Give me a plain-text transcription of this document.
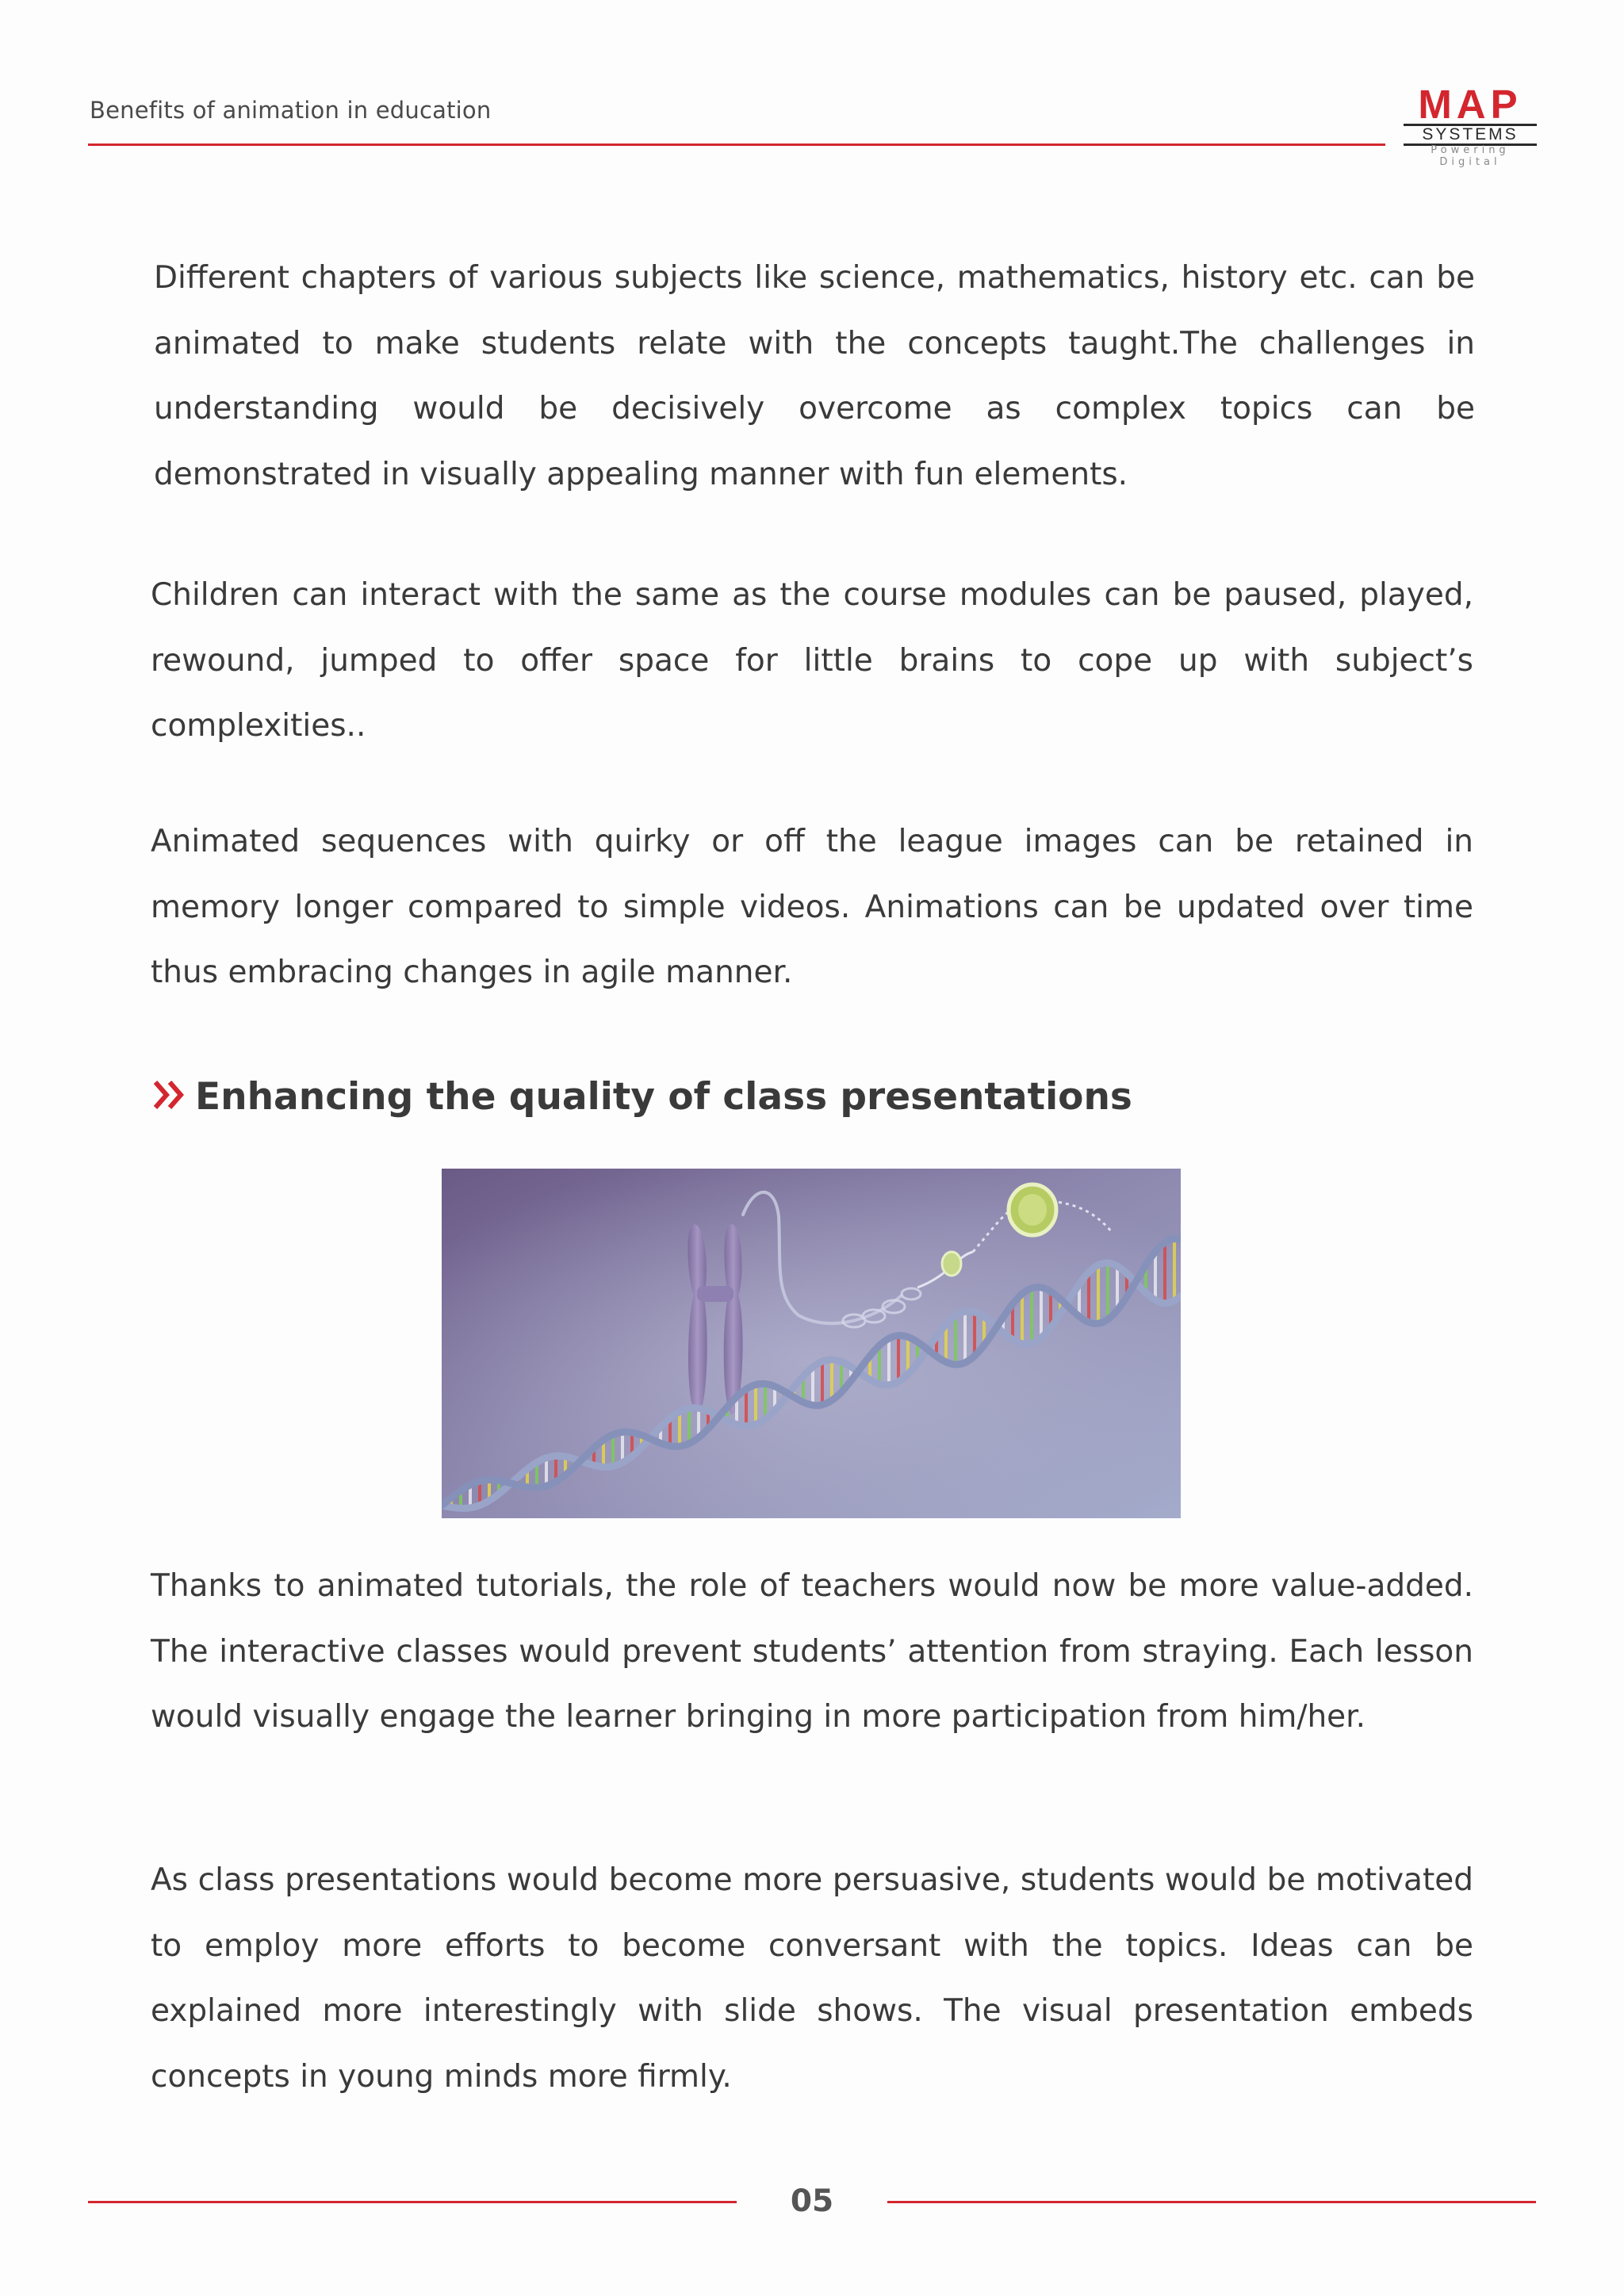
Benefits of animation in education	MAP
SYSTEMS
Powering Digital

Different chapters of various subjects like science, mathematics, history etc. can be animated to make students relate with the concepts taught.The challenges in understanding would be decisively overcome as complex topics can be demonstrated in visually appealing manner with fun elements.

Children can interact with the same as the course modules can be paused, played, rewound, jumped to offer space for little brains to cope up with subject’s complexities..

Animated sequences with quirky or off the league images can be retained in memory longer compared to simple videos. Animations can be updated over time thus embracing changes in agile manner.

Enhancing the quality of class presentations

Thanks to animated tutorials, the role of teachers would now be more value-added. The interactive classes would prevent students’ attention from straying. Each lesson would visually engage the learner bringing in more participation from him/her.

As class presentations would become more persuasive, students would be motivated to employ more efforts to become conversant with the topics. Ideas can be explained more interestingly with slide shows. The visual presentation embeds concepts in young minds more firmly.

05
